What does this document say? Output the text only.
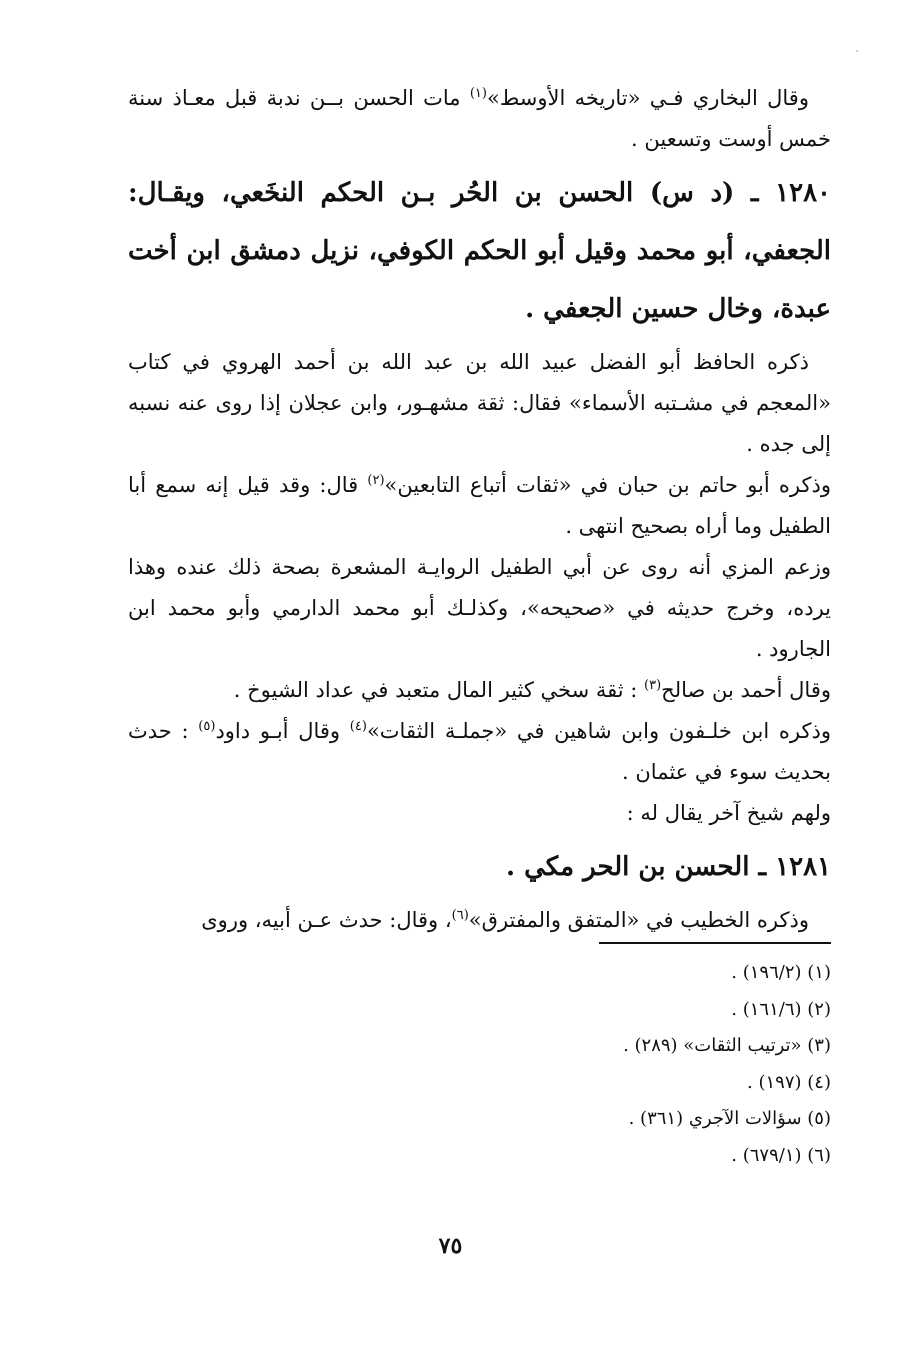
وقال البخاري فـي «تاريخه الأوسط»$^{(١)}$ مات الحسن بــن ندبة قبل معـاذ سنة خمس أوست وتسعين .

١٢٨٠ ـ (د س) الحسن بن الحُر بـن الحكم النخَعي، ويقـال: الجعفي، أبو محمد وقيل أبو الحكم الكوفي، نزيل دمشق ابن أخت عبدة، وخال حسين الجعفي .

ذكره الحافظ أبو الفضل عبيد الله بن عبد الله بن أحمد الهروي في كتاب «المعجم في مشـتبه الأسماء» فقال: ثقة مشهـور، وابن عجلان إذا روى عنه نسبه إلى جده .

وذكره أبو حاتم بن حبان في «ثقات أتباع التابعين»$^{(٢)}$ قال: وقد قيل إنه سمع أبا الطفيل وما أراه بصحيح انتهى .

وزعم المزي أنه روى عن أبي الطفيل الروايـة المشعرة بصحة ذلك عنده وهذا يرده، وخرج حديثه في «صحيحه»، وكذلـك أبو محمد الدارمي وأبو محمد ابن الجارود .

وقال أحمد بن صالح$^{(٣)}$ : ثقة سخي كثير المال متعبد في عداد الشيوخ .

وذكره ابن خلـفون وابن شاهين في «جملـة الثقات»$^{(٤)}$ وقال أبـو داود$^{(٥)}$ : حدث بحديث سوء في عثمان .

ولهم شيخ آخر يقال له :

١٢٨١ ـ الحسن بن الحر مكي .

وذكره الخطيب في «المتفق والمفترق»$^{(٦)}$، وقال: حدث عـن أبيه، وروى

(١) (١٩٦/٢) .
(٢) (١٦١/٦) .
(٣) «ترتيب الثقات» (٢٨٩) .
(٤) (١٩٧) .
(٥) سؤالات الآجري (٣٦١) .
(٦) (٦٧٩/١) .
٧٥
